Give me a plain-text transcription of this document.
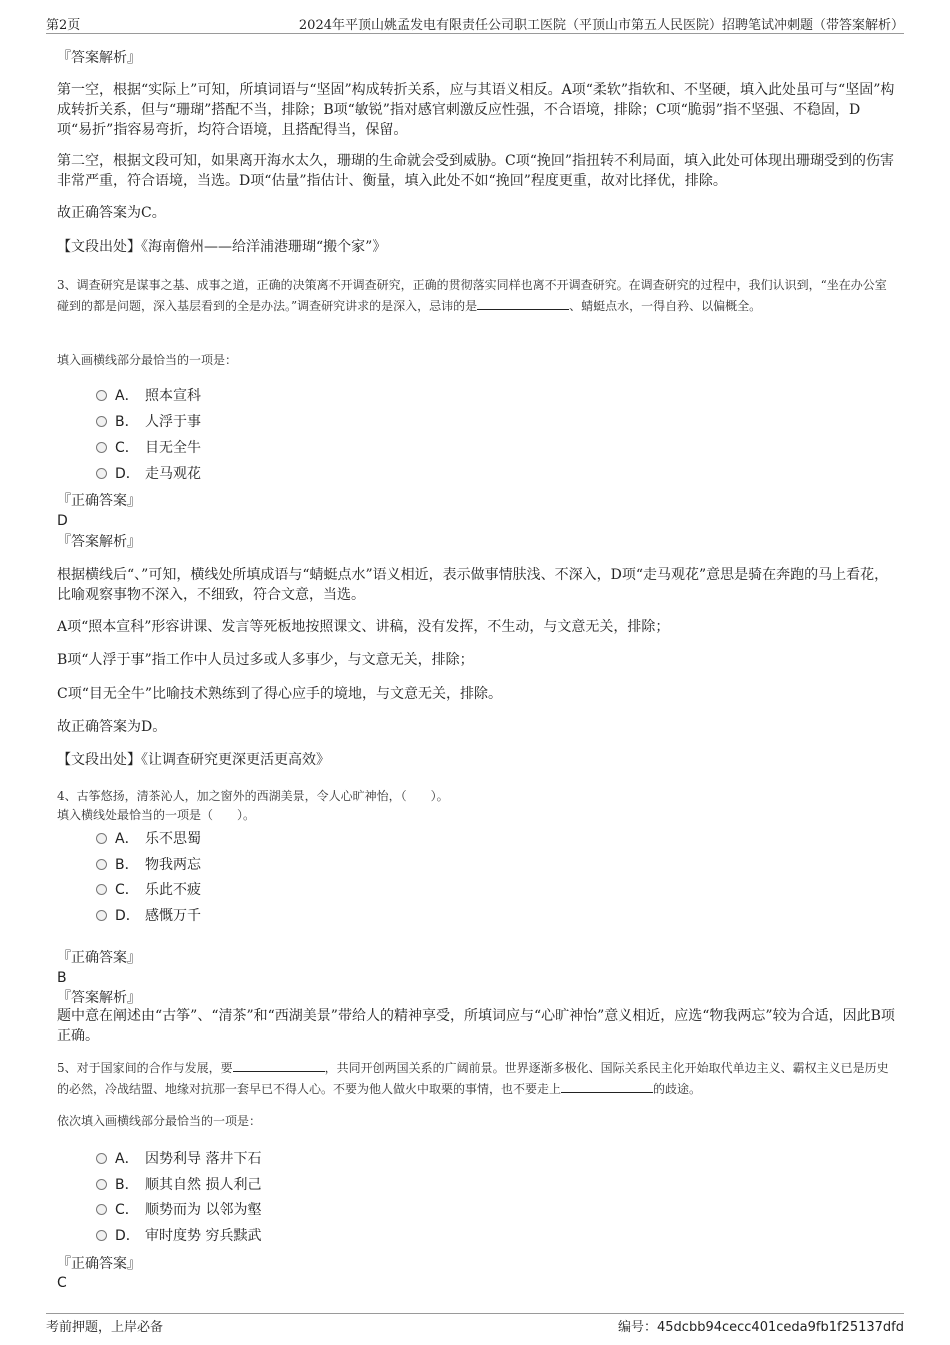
第2页	2024年平顶山姚孟发电有限责任公司职工医院（平顶山市第五人民医院）招聘笔试冲刺题（带答案解析）
『答案解析』
第一空，根据“实际上”可知，所填词语与“坚固”构成转折关系，应与其语义相反。A项“柔软”指软和、不坚硬，填入此处虽可与“坚固”构成转折关系，但与“珊瑚”搭配不当，排除；B项“敏锐”指对感官刺激反应性强，不合语境，排除；C项“脆弱”指不坚强、不稳固，D项“易折”指容易弯折，均符合语境，且搭配得当，保留。
第二空，根据文段可知，如果离开海水太久，珊瑚的生命就会受到威胁。C项“挽回”指扭转不利局面，填入此处可体现出珊瑚受到的伤害非常严重，符合语境，当选。D项“估量”指估计、衡量，填入此处不如“挽回”程度更重，故对比择优，排除。
故正确答案为C。
【文段出处】《海南儋州——给洋浦港珊瑚“搬个家”》
3、调查研究是谋事之基、成事之道，正确的决策离不开调查研究，正确的贯彻落实同样也离不开调查研究。在调查研究的过程中，我们认识到，“坐在办公室碰到的都是问题，深入基层看到的全是办法。”调查研究讲求的是深入，忌讳的是	、蜻蜓点水，一得自矜、以偏概全。
填入画横线部分最恰当的一项是：
A． 照本宣科
B． 人浮于事
C． 目无全牛
D． 走马观花
『正确答案』
D
『答案解析』
根据横线后“、”可知，横线处所填成语与“蜻蜓点水”语义相近，表示做事情肤浅、不深入，D项“走马观花”意思是骑在奔跑的马上看花，比喻观察事物不深入，不细致，符合文意，当选。
A项“照本宣科”形容讲课、发言等死板地按照课文、讲稿，没有发挥，不生动，与文意无关，排除；
B项“人浮于事”指工作中人员过多或人多事少，与文意无关，排除；
C项“目无全牛”比喻技术熟练到了得心应手的境地，与文意无关，排除。
故正确答案为D。
【文段出处】《让调查研究更深更活更高效》
4、古筝悠扬，清茶沁人，加之窗外的西湖美景，令人心旷神怡，（　　）。
填入横线处最恰当的一项是（　　）。
A． 乐不思蜀
B． 物我两忘
C． 乐此不疲
D． 感慨万千
『正确答案』
B
『答案解析』
题中意在阐述由“古筝”、“清茶”和“西湖美景”带给人的精神享受，所填词应与“心旷神怡”意义相近，应选“物我两忘”较为合适，因此B项正确。
5、对于国家间的合作与发展，要	，共同开创两国关系的广阔前景。世界逐渐多极化、国际关系民主化开始取代单边主义、霸权主义已是历史的必然，冷战结盟、地缘对抗那一套早已不得人心。不要为他人做火中取栗的事情，也不要走上	的歧途。
依次填入画横线部分最恰当的一项是：
A． 因势利导 落井下石
B． 顺其自然 损人利己
C． 顺势而为 以邻为壑
D． 审时度势 穷兵黩武
『正确答案』
C
考前押题，上岸必备	编号：45dcbb94cecc401ceda9fb1f25137dfd
